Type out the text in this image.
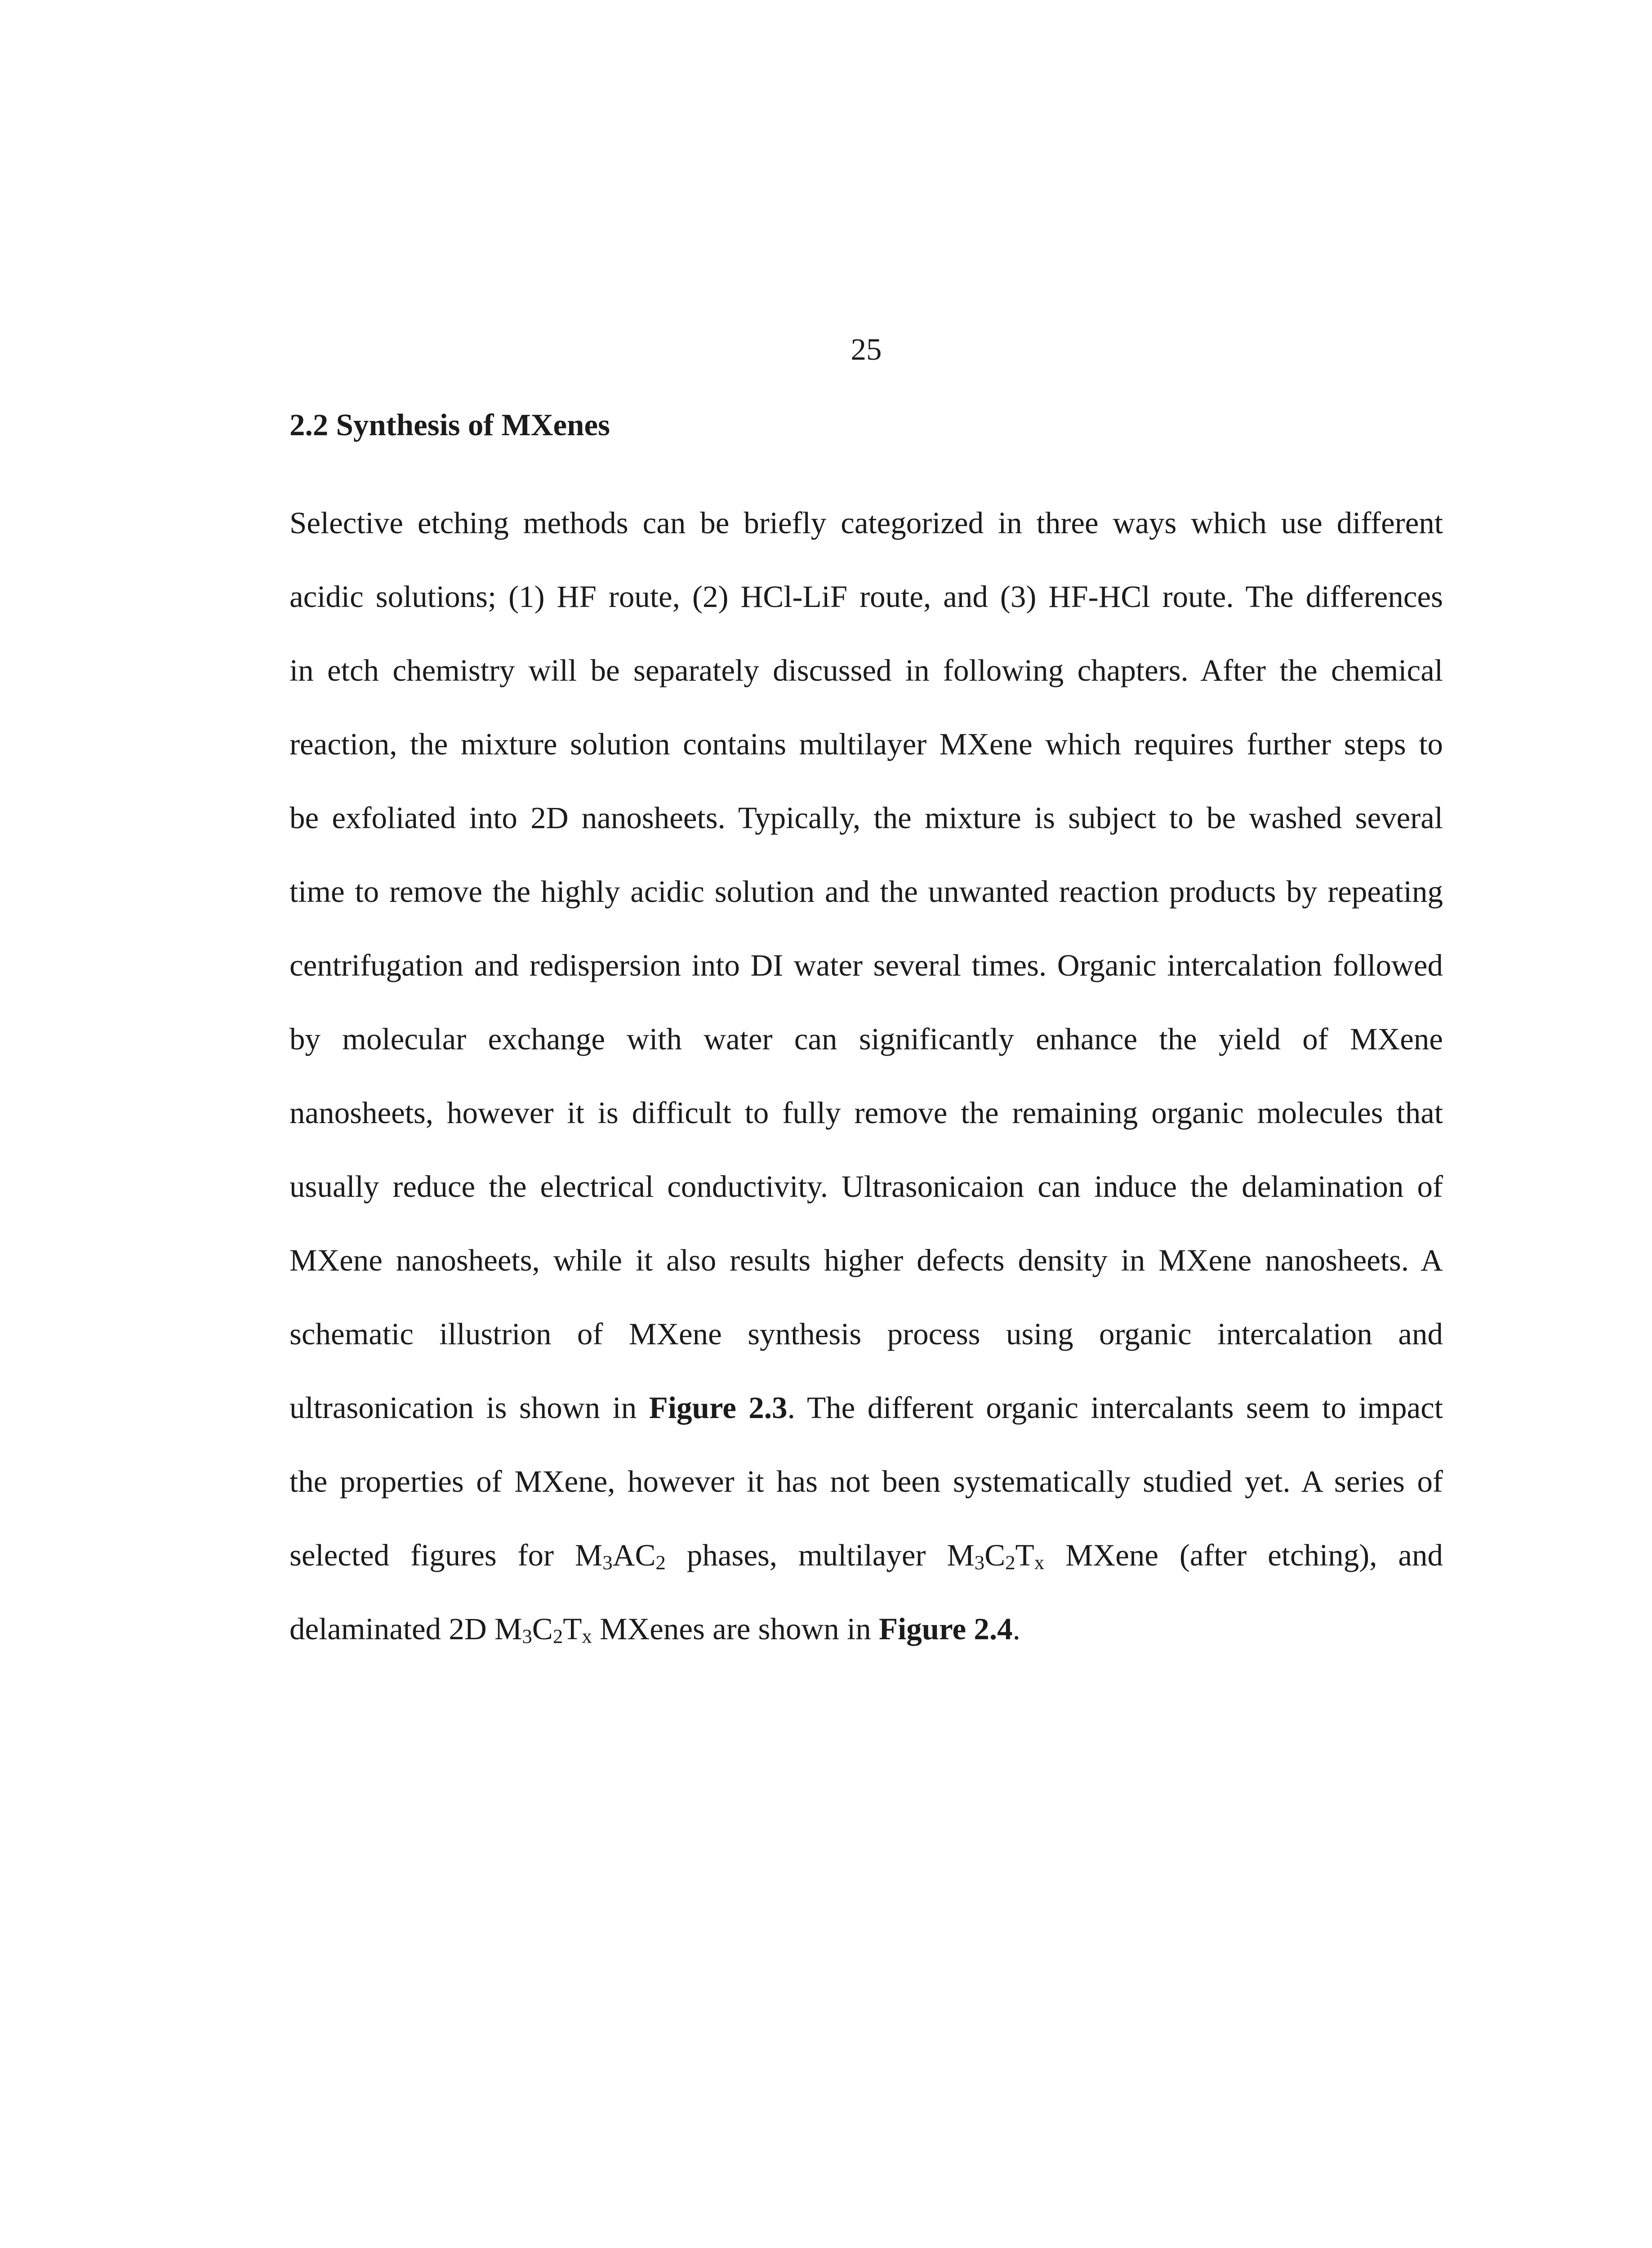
25
2.2 Synthesis of MXenes
Selective etching methods can be briefly categorized in three ways which use different
acidic solutions; (1) HF route, (2) HCl-LiF route, and (3) HF-HCl route. The differences
in etch chemistry will be separately discussed in following chapters. After the chemical
reaction, the mixture solution contains multilayer MXene which requires further steps to
be exfoliated into 2D nanosheets. Typically, the mixture is subject to be washed several
time to remove the highly acidic solution and the unwanted reaction products by repeating
centrifugation and redispersion into DI water several times. Organic intercalation followed
by molecular exchange with water can significantly enhance the yield of MXene
nanosheets, however it is difficult to fully remove the remaining organic molecules that
usually reduce the electrical conductivity. Ultrasonicaion can induce the delamination of
MXene nanosheets, while it also results higher defects density in MXene nanosheets. A
schematic illustrion of MXene synthesis process using organic intercalation and
ultrasonication is shown in Figure 2.3. The different organic intercalants seem to impact
the properties of MXene, however it has not been systematically studied yet. A series of
selected figures for M3AC2 phases, multilayer M3C2Tx MXene (after etching), and
delaminated 2D M3C2Tx MXenes are shown in Figure 2.4.
